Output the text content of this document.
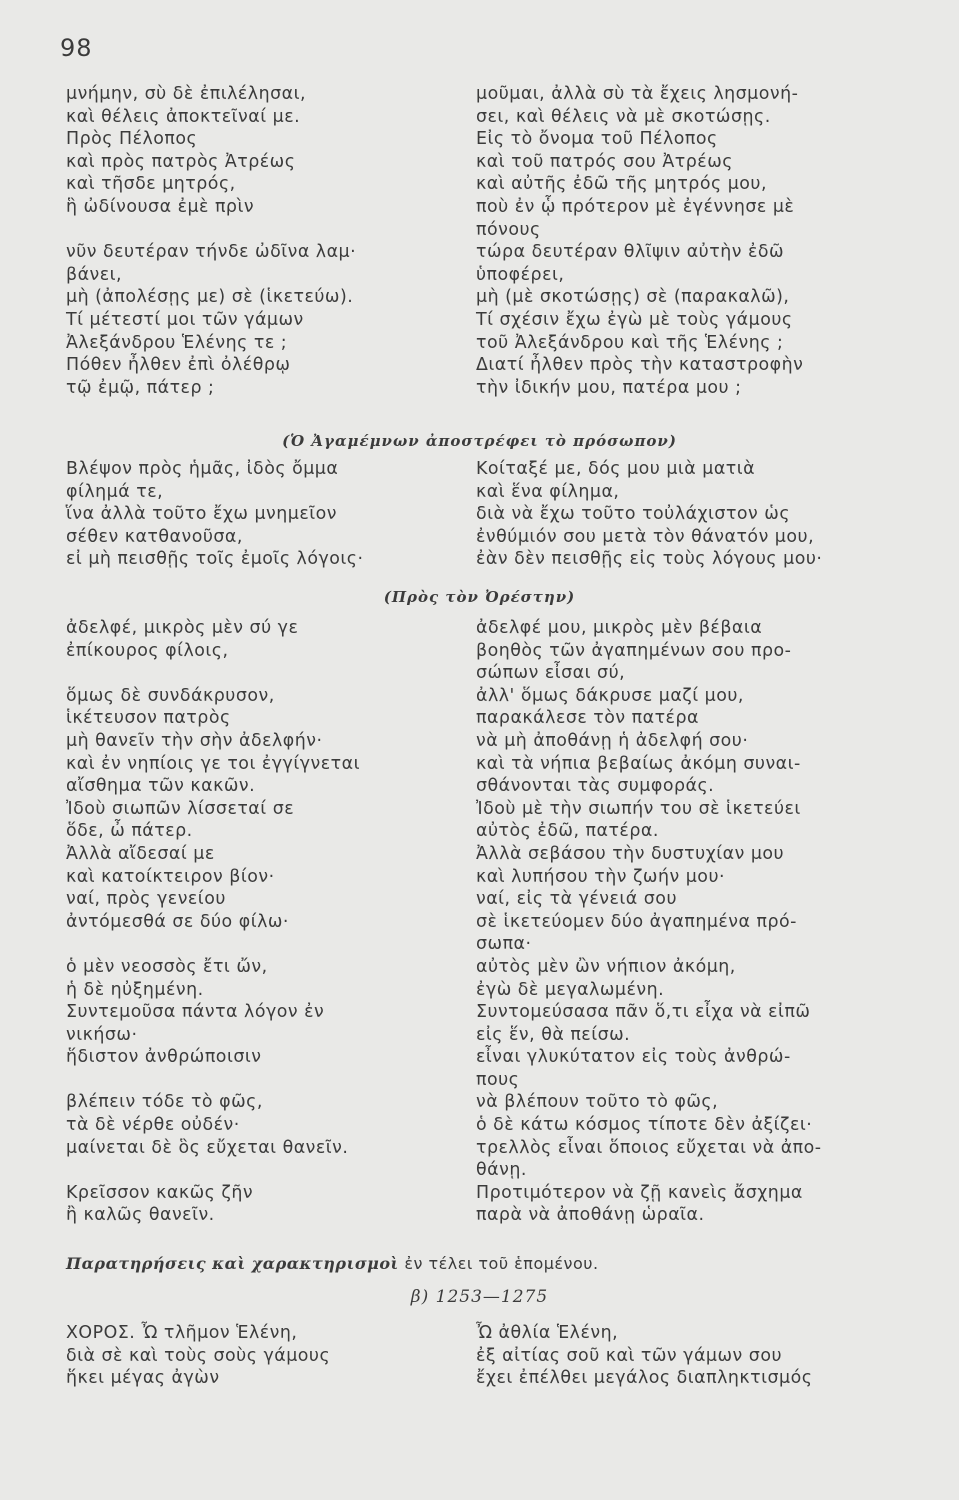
98
μνήμην, σὺ δὲ ἐπιλέλησαι,
καὶ θέλεις ἀποκτεῖναί με.
Πρὸς Πέλοπος
καὶ πρὸς πατρὸς Ἀτρέως
καὶ τῆσδε μητρός,
ἣ ὠδίνουσα ἐμὲ πρὶν
νῦν δευτέραν τήνδε ὠδῖνα λαμ·
βάνει,
μὴ (ἀπολέσῃς με) σὲ (ἱκετεύω).
Τί μέτεστί μοι τῶν γάμων
Ἀλεξάνδρου Ἑλένης τε ;
Πόθεν ἦλθεν ἐπὶ ὀλέθρῳ
τῷ ἐμῷ, πάτερ ;
μοῦμαι, ἀλλὰ σὺ τὰ ἔχεις λησμονή-
σει, καὶ θέλεις νὰ μὲ σκοτώσῃς.
Εἰς τὸ ὄνομα τοῦ Πέλοπος
καὶ τοῦ πατρός σου Ἀτρέως
καὶ αὐτῆς ἐδῶ τῆς μητρός μου,
ποὺ ἐν ᾧ πρότερον μὲ ἐγέννησε μὲ
πόνους
τώρα δευτέραν θλῖψιν αὐτὴν ἐδῶ
ὑποφέρει,
μὴ (μὲ σκοτώσῃς) σὲ (παρακαλῶ),
Τί σχέσιν ἔχω ἐγὼ μὲ τοὺς γάμους
τοῦ Ἀλεξάνδρου καὶ τῆς Ἑλένης ;
Διατί ἦλθεν πρὸς τὴν καταστροφὴν
τὴν ἰδικήν μου, πατέρα μου ;
(Ὁ Ἀγαμέμνων ἀποστρέφει τὸ πρόσωπον)
Βλέψον πρὸς ἡμᾶς, ἰδὸς ὄμμα
φίλημά τε,
ἵνα ἀλλὰ τοῦτο ἔχω μνημεῖον
σέθεν κατθανοῦσα,
εἰ μὴ πεισθῇς τοῖς ἐμοῖς λόγοις·
Κοίταξέ με, δός μου μιὰ ματιὰ
καὶ ἕνα φίλημα,
διὰ νὰ ἔχω τοῦτο τοὐλάχιστον ὡς
ἐνθύμιόν σου μετὰ τὸν θάνατόν μου,
ἐὰν δὲν πεισθῇς εἰς τοὺς λόγους μου·
(Πρὸς τὸν Ὀρέστην)
ἀδελφέ, μικρὸς μὲν σύ γε
ἐπίκουρος φίλοις,
ὅμως δὲ συνδάκρυσον,
ἱκέτευσον πατρὸς
μὴ θανεῖν τὴν σὴν ἀδελφήν·
καὶ ἐν νηπίοις γε τοι ἐγγίγνεται
αἴσθημα τῶν κακῶν.
Ἰδοὺ σιωπῶν λίσσεταί σε
ὅδε, ὦ πάτερ.
Ἀλλὰ αἴδεσαί με
καὶ κατοίκτειρον βίον·
ναί, πρὸς γενείου
ἀντόμεσθά σε δύο φίλω·
ὁ μὲν νεοσσὸς ἔτι ὤν,
ἡ δὲ ηὐξημένη.
Συντεμοῦσα πάντα λόγον ἐν
νικήσω·
ἥδιστον ἀνθρώποισιν
βλέπειν τόδε τὸ φῶς,
τὰ δὲ νέρθε οὐδέν·
μαίνεται δὲ ὃς εὔχεται θανεῖν.
Κρεῖσσον κακῶς ζῆν
ἢ καλῶς θανεῖν.
ἀδελφέ μου, μικρὸς μὲν βέβαια
βοηθὸς τῶν ἀγαπημένων σου προ-
σώπων εἶσαι σύ,
ἀλλ' ὅμως δάκρυσε μαζί μου,
παρακάλεσε τὸν πατέρα
νὰ μὴ ἀποθάνῃ ἡ ἀδελφή σου·
καὶ τὰ νήπια βεβαίως ἀκόμη συναι-
σθάνονται τὰς συμφοράς.
Ἰδοὺ μὲ τὴν σιωπήν του σὲ ἱκετεύει
αὐτὸς ἐδῶ, πατέρα.
Ἀλλὰ σεβάσου τὴν δυστυχίαν μου
καὶ λυπήσου τὴν ζωήν μου·
ναί, εἰς τὰ γένειά σου
σὲ ἱκετεύομεν δύο ἀγαπημένα πρό-
σωπα·
αὐτὸς μὲν ὢν νήπιον ἀκόμη,
ἐγὼ δὲ μεγαλωμένη.
Συντομεύσασα πᾶν ὅ,τι εἶχα νὰ εἰπῶ
εἰς ἕν, θὰ πείσω.
εἶναι γλυκύτατον εἰς τοὺς ἀνθρώ-
πους
νὰ βλέπουν τοῦτο τὸ φῶς,
ὁ δὲ κάτω κόσμος τίποτε δὲν ἀξίζει·
τρελλὸς εἶναι ὅποιος εὔχεται νὰ ἀπο-
θάνῃ.
Προτιμότερον νὰ ζῇ κανεὶς ἄσχημα
παρὰ νὰ ἀποθάνῃ ὡραῖα.
Παρατηρήσεις καὶ χαρακτηρισμοὶ ἐν τέλει τοῦ ἑπομένου.
β) 1253—1275
ΧΟΡΟΣ. Ὦ τλῆμον Ἑλένη,
διὰ σὲ καὶ τοὺς σοὺς γάμους
ἥκει μέγας ἀγὼν
Ὦ ἀθλία Ἑλένη,
ἐξ αἰτίας σοῦ καὶ τῶν γάμων σου
ἔχει ἐπέλθει μεγάλος διαπληκτισμός
